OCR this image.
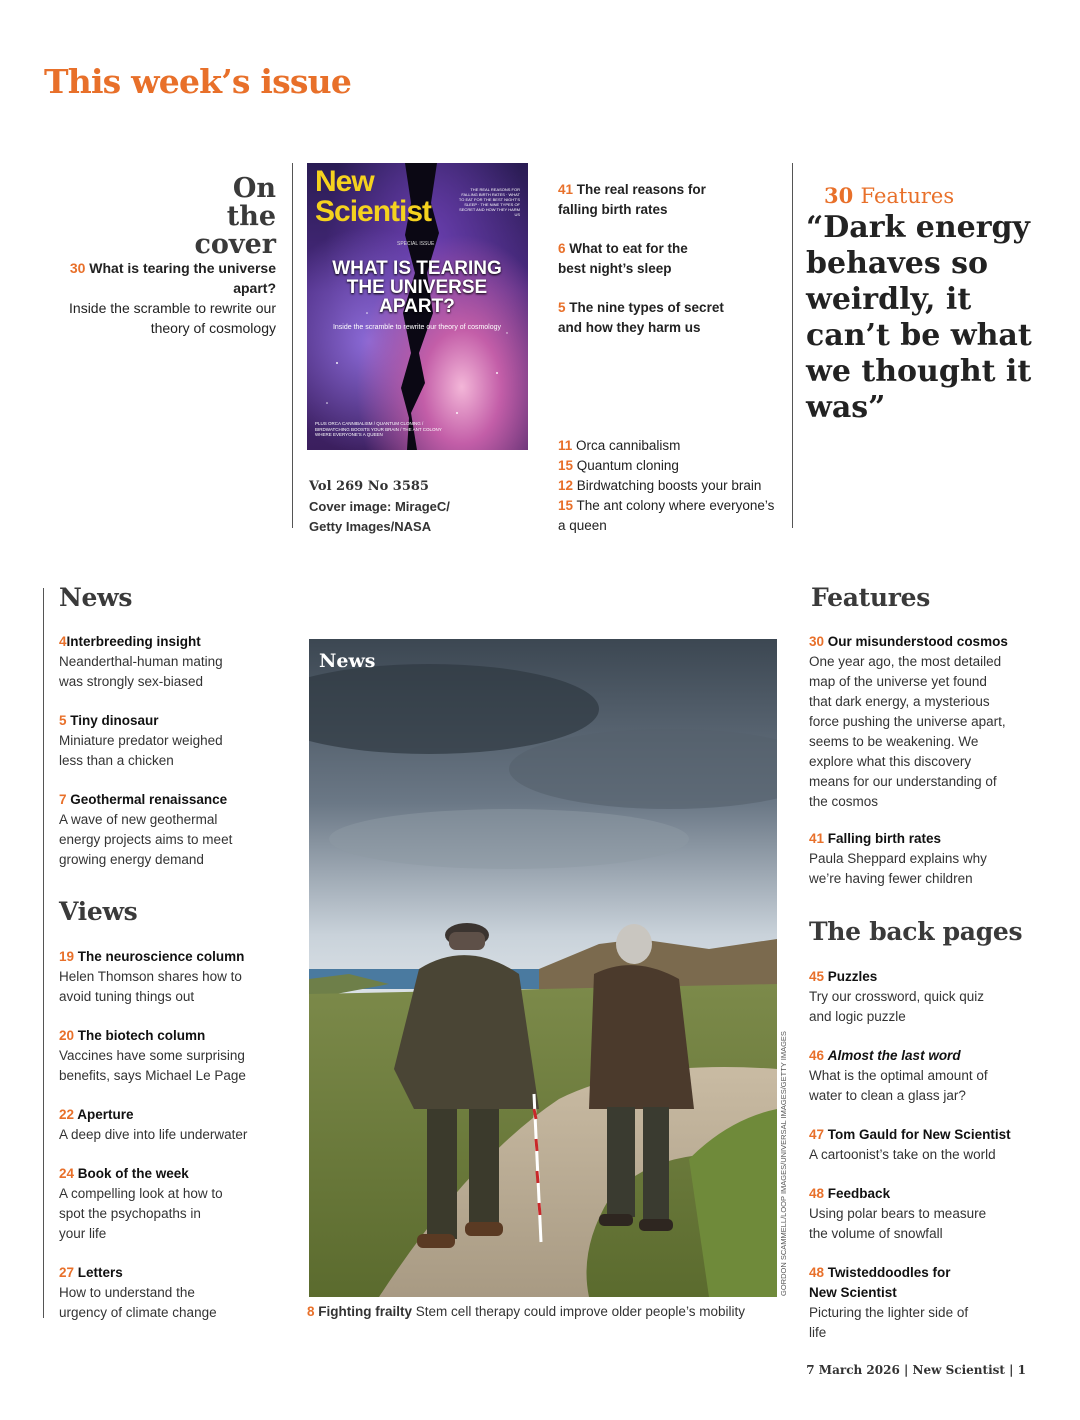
This week’s issue
On the cover
30 What is tearing the universe apart?
Inside the scramble to rewrite our theory of cosmology
New
Scientist
THE REAL REASONS FOR FALLING BIRTH RATES · WHAT TO EAT FOR THE BEST NIGHT'S SLEEP · THE NINE TYPES OF SECRET AND HOW THEY HARM US
SPECIAL ISSUE
WHAT IS TEARING THE UNIVERSE APART?
Inside the scramble to rewrite our theory of cosmology
PLUS ORCA CANNIBALISM / QUANTUM CLONING / BIRDWATCHING BOOSTS YOUR BRAIN / THE ANT COLONY WHERE EVERYONE'S A QUEEN
Vol 269 No 3585
Cover image: MirageC/
Getty Images/NASA
41 The real reasons for falling birth rates
6 What to eat for the best night’s sleep
5 The nine types of secret and how they harm us
11 Orca cannibalism
15 Quantum cloning
12 Birdwatching boosts your brain
15 The ant colony where everyone’s a queen
30 Features
“Dark energy behaves so weirdly, it can’t be what we thought it was”
News
4Interbreeding insight
Neanderthal-human mating was strongly sex-biased
5 Tiny dinosaur
Miniature predator weighed less than a chicken
7 Geothermal renaissance
A wave of new geothermal energy projects aims to meet growing energy demand
Views
19 The neuroscience column
Helen Thomson shares how to avoid tuning things out
20 The biotech column
Vaccines have some surprising benefits, says Michael Le Page
22 Aperture
A deep dive into life underwater
24 Book of the week
A compelling look at how to spot the psychopaths in your life
27 Letters
How to understand the urgency of climate change
News
GORDON SCAMMELL/LOOP IMAGES/UNIVERSAL IMAGES/GETTY IMAGES
8 Fighting frailty Stem cell therapy could improve older people’s mobility
Features
30 Our misunderstood cosmos
One year ago, the most detailed map of the universe yet found that dark energy, a mysterious force pushing the universe apart, seems to be weakening. We explore what this discovery means for our understanding of the cosmos
41 Falling birth rates
Paula Sheppard explains why we’re having fewer children
The back pages
45 Puzzles
Try our crossword, quick quiz and logic puzzle
46 Almost the last word
What is the optimal amount of water to clean a glass jar?
47 Tom Gauld for New Scientist
A cartoonist’s take on the world
48 Feedback
Using polar bears to measure the volume of snowfall
48 Twisteddoodles for New Scientist
Picturing the lighter side of life
7 March 2026 | New Scientist | 1
